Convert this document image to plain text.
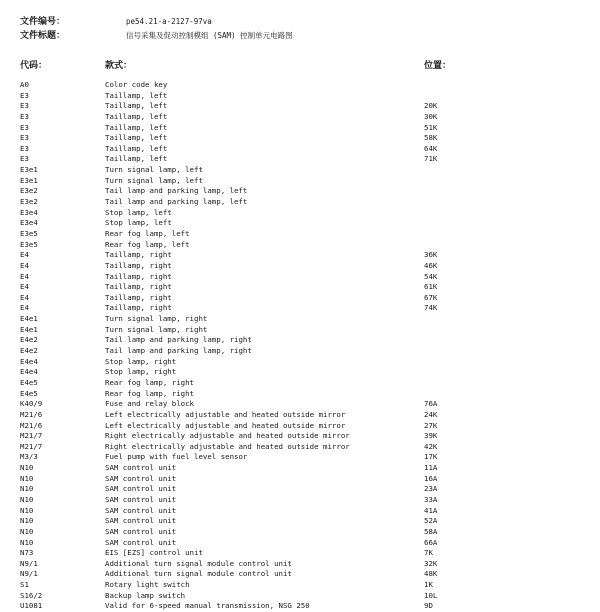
文件编号：	pe54.21-a-2127-97va
文件标题：	信号采集及促动控制模组 (SAM) 控制单元电路图
代码：	款式：	位置：
A0	Color code key
E3	Taillamp, left
E3	Taillamp, left	20K
E3	Taillamp, left	30K
E3	Taillamp, left	51K
E3	Taillamp, left	58K
E3	Taillamp, left	64K
E3	Taillamp, left	71K
E3e1	Turn signal lamp, left
E3e1	Turn signal lamp, left
E3e2	Tail lamp and parking lamp, left
E3e2	Tail lamp and parking lamp, left
E3e4	Stop lamp, left
E3e4	Stop lamp, left
E3e5	Rear fog lamp, left
E3e5	Rear fog lamp, left
E4	Taillamp, right	36K
E4	Taillamp, right	46K
E4	Taillamp, right	54K
E4	Taillamp, right	61K
E4	Taillamp, right	67K
E4	Taillamp, right	74K
E4e1	Turn signal lamp, right
E4e1	Turn signal lamp, right
E4e2	Tail lamp and parking lamp, right
E4e2	Tail lamp and parking lamp, right
E4e4	Stop lamp, right
E4e4	Stop lamp, right
E4e5	Rear fog lamp, right
E4e5	Rear fog lamp, right
K40/9	Fuse and relay block	76A
M21/6	Left electrically adjustable and heated outside mirror	24K
M21/6	Left electrically adjustable and heated outside mirror	27K
M21/7	Right electrically adjustable and heated outside mirror	39K
M21/7	Right electrically adjustable and heated outside mirror	42K
M3/3	Fuel pump with fuel level sensor	17K
N10	SAM control unit	11A
N10	SAM control unit	16A
N10	SAM control unit	23A
N10	SAM control unit	33A
N10	SAM control unit	41A
N10	SAM control unit	52A
N10	SAM control unit	58A
N10	SAM control unit	66A
N73	EIS [EZS] control unit	7K
N9/1	Additional turn signal module control unit	32K
N9/1	Additional turn signal module control unit	48K
S1	Rotary light switch	1K
S16/2	Backup lamp switch	10L
U1081	Valid for 6-speed manual transmission, NSG 250	9D
